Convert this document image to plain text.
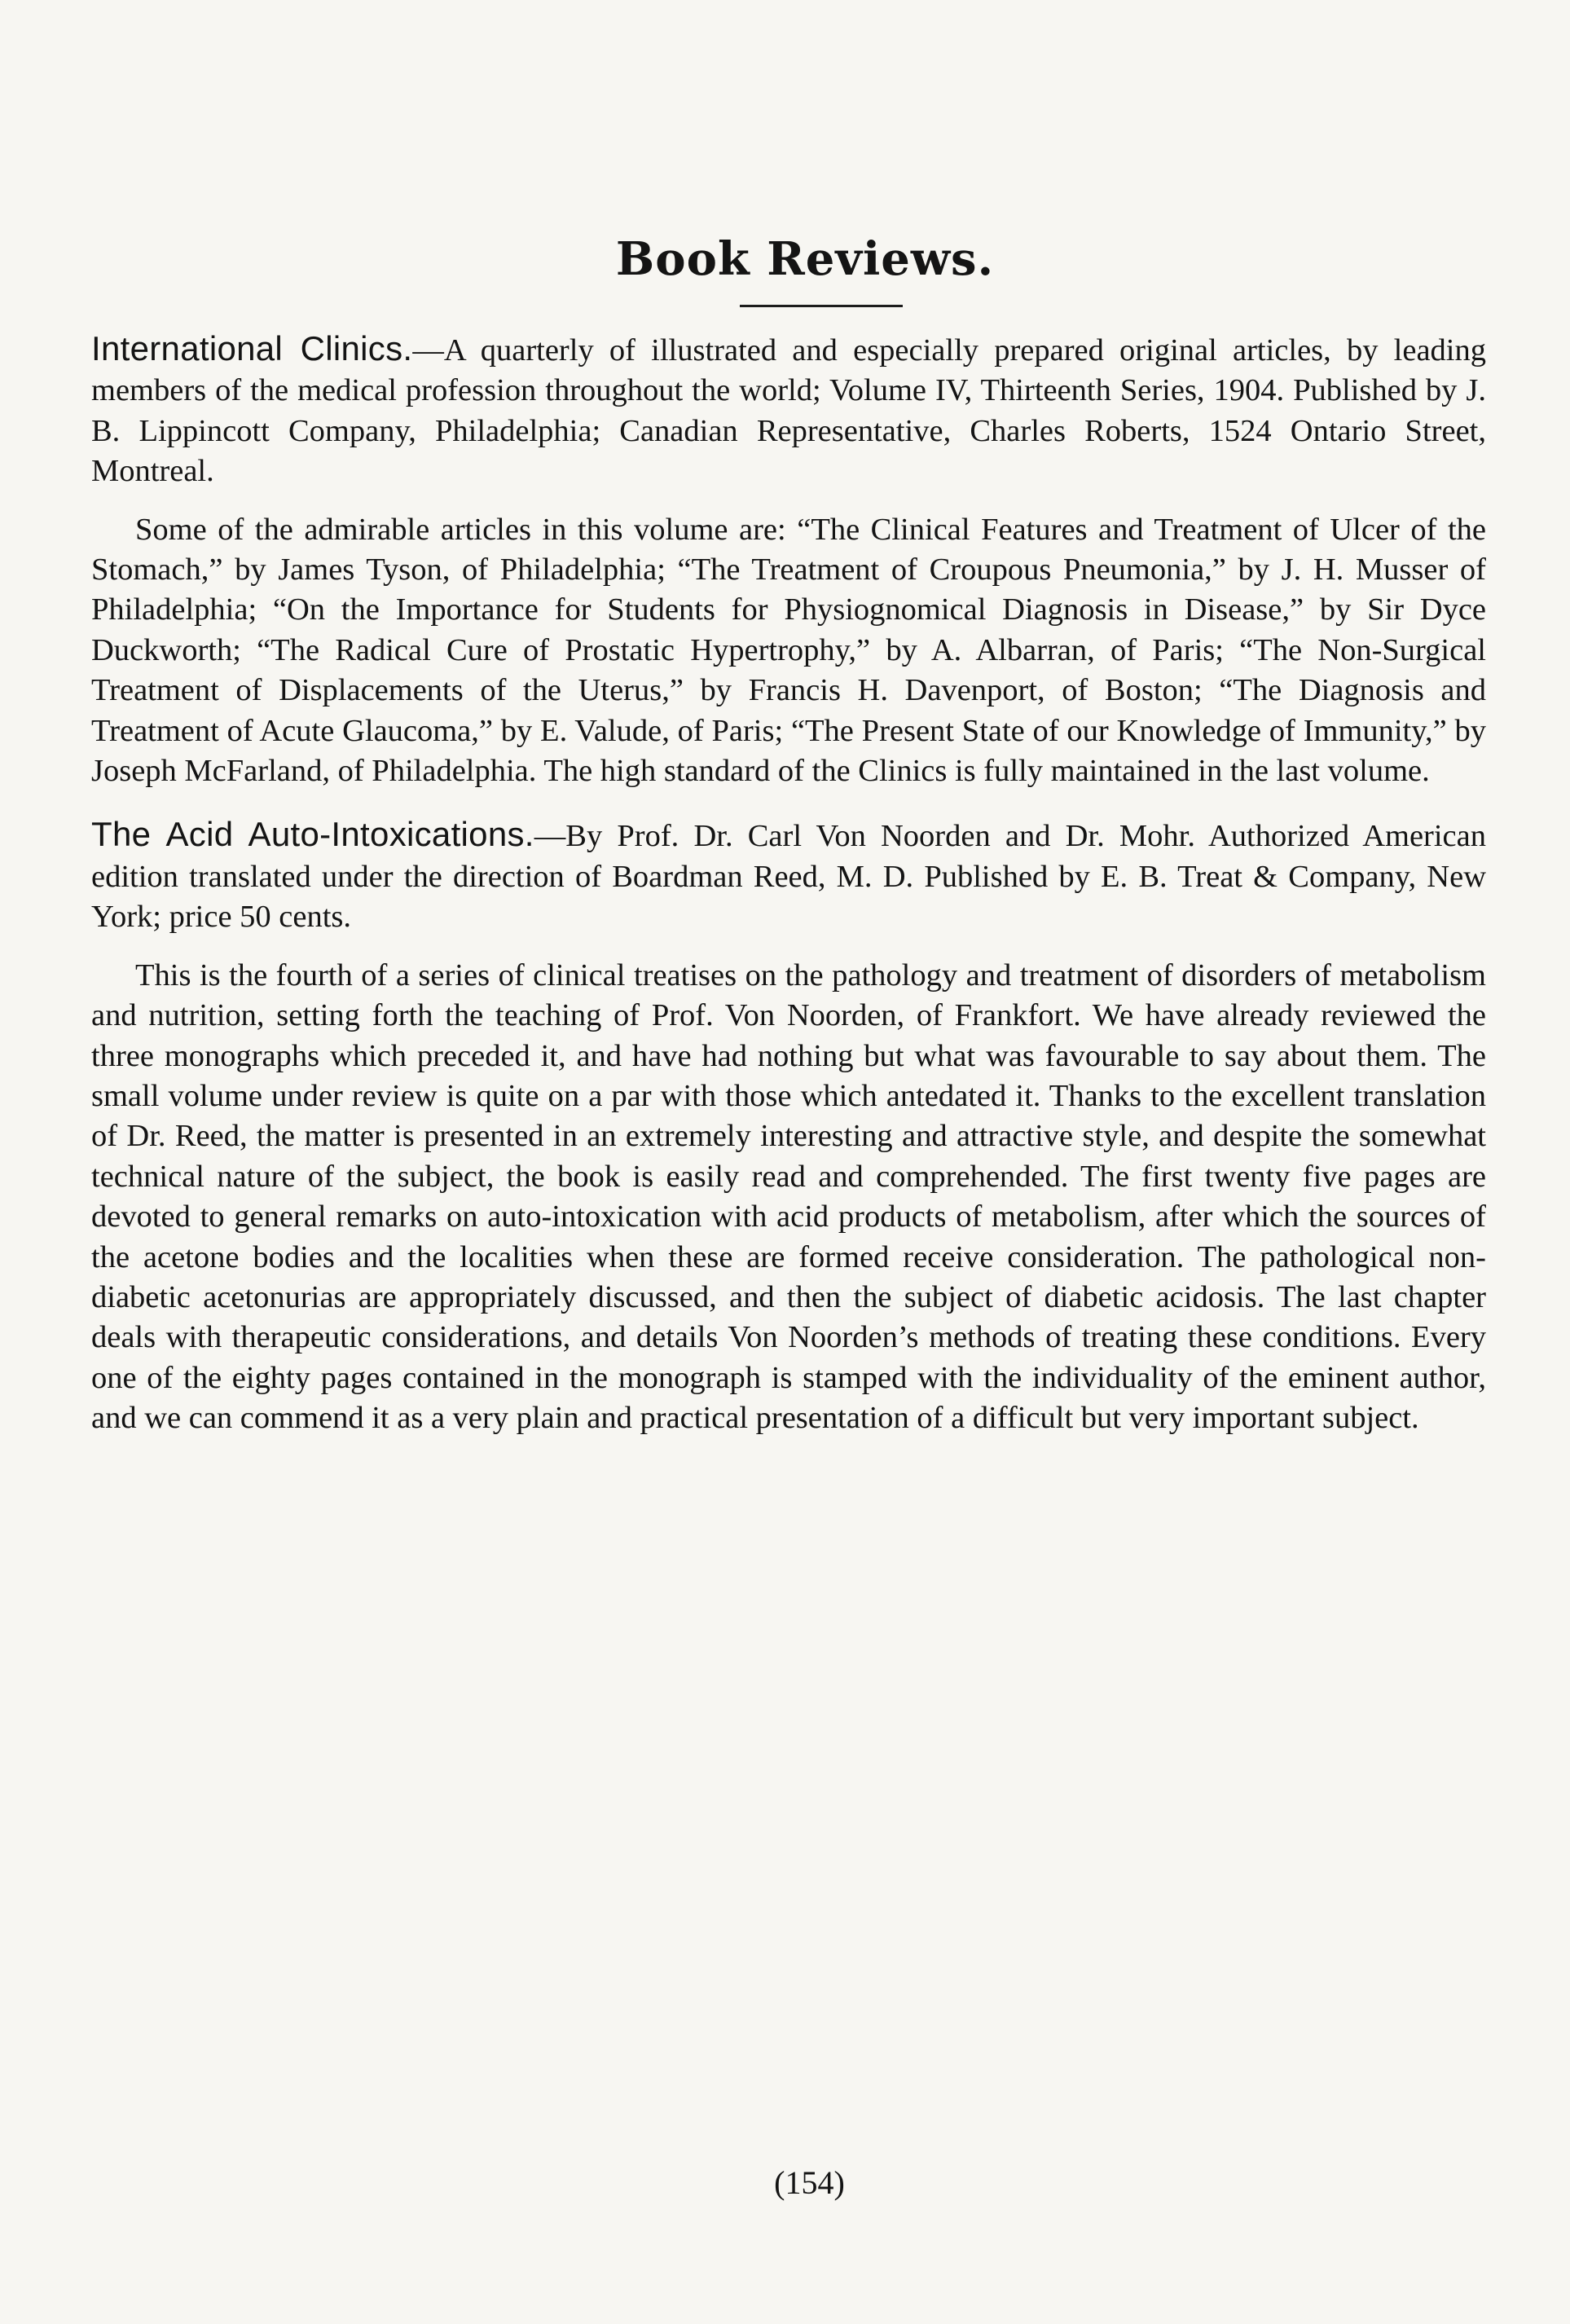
Book Reviews.

International Clinics.—A quarterly of illustrated and especially prepared original articles, by leading members of the medical profession throughout the world; Volume IV, Thirteenth Series, 1904. Published by J. B. Lippincott Company, Philadelphia; Canadian Representative, Charles Roberts, 1524 Ontario Street, Montreal.

Some of the admirable articles in this volume are: “The Clinical Features and Treatment of Ulcer of the Stomach,” by James Tyson, of Philadelphia; “The Treatment of Croupous Pneumonia,” by J. H. Musser of Philadelphia; “On the Importance for Students for Physiognomical Diagnosis in Disease,” by Sir Dyce Duckworth; “The Radical Cure of Prostatic Hypertrophy,” by A. Albarran, of Paris; “The Non-Surgical Treatment of Displacements of the Uterus,” by Francis H. Davenport, of Boston; “The Diagnosis and Treatment of Acute Glaucoma,” by E. Valude, of Paris; “The Present State of our Knowledge of Immunity,” by Joseph McFarland, of Philadelphia. The high standard of the Clinics is fully maintained in the last volume.

The Acid Auto-Intoxications.—By Prof. Dr. Carl Von Noorden and Dr. Mohr. Authorized American edition translated under the direction of Boardman Reed, M. D. Published by E. B. Treat & Company, New York; price 50 cents.

This is the fourth of a series of clinical treatises on the pathology and treatment of disorders of metabolism and nutrition, setting forth the teaching of Prof. Von Noorden, of Frankfort. We have already reviewed the three monographs which preceded it, and have had nothing but what was favourable to say about them. The small volume under review is quite on a par with those which antedated it. Thanks to the excellent translation of Dr. Reed, the matter is presented in an extremely interesting and attractive style, and despite the somewhat technical nature of the subject, the book is easily read and comprehended. The first twenty five pages are devoted to general remarks on auto-intoxication with acid products of metabolism, after which the sources of the acetone bodies and the localities when these are formed receive consideration. The pathological non-diabetic acetonurias are appropriately discussed, and then the subject of diabetic acidosis. The last chapter deals with therapeutic considerations, and details Von Noorden’s methods of treating these conditions. Every one of the eighty pages contained in the monograph is stamped with the individuality of the eminent author, and we can commend it as a very plain and practical presentation of a difficult but very important subject.

(154)
